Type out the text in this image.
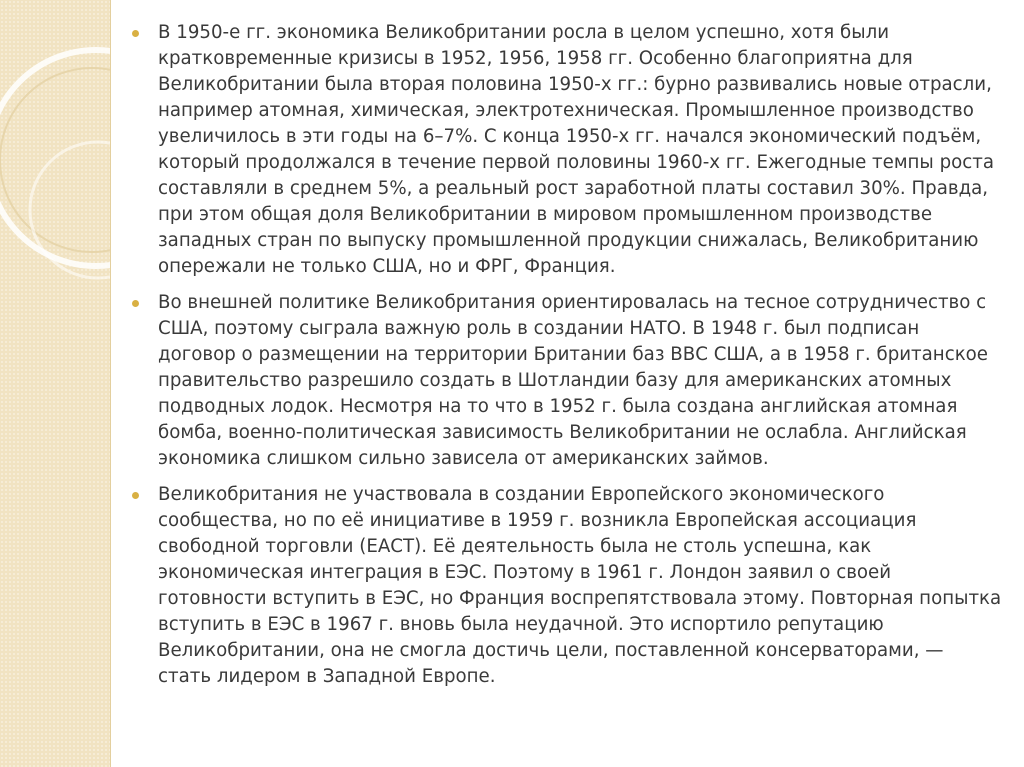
В 1950-е гг. экономика Великобритании росла в целом успешно, хотя были кратковременные кризисы в 1952, 1956, 1958 гг. Особенно благоприятна для Великобритании была вторая половина 1950-х гг.: бурно развивались новые отрасли, например атомная, химическая, электротехническая. Промышленное производство увеличилось в эти годы на 6–7%. С конца 1950-х гг. начался экономический подъём, который продолжался в течение первой половины 1960-х гг. Ежегодные темпы роста составляли в среднем 5%, а реальный рост заработной платы составил 30%. Правда, при этом общая доля Великобритании в мировом промышленном производстве западных стран по выпуску промышленной продукции снижалась, Великобританию опережали не только США, но и ФРГ, Франция.
Во внешней политике Великобритания ориентировалась на тесное сотрудничество с США, поэтому сыграла важную роль в создании НАТО. В 1948 г. был подписан договор о размещении на территории Британии баз ВВС США, а в 1958 г. британское правительство разрешило создать в Шотландии базу для американских атомных подводных лодок. Несмотря на то что в 1952 г. была создана английская атомная бомба, военно-политическая зависимость Великобритании не ослабла. Английская экономика слишком сильно зависела от американских займов.
Великобритания не участвовала в создании Европейского экономического сообщества, но по её инициативе в 1959 г. возникла Европейская ассоциация свободной торговли (ЕАСТ). Её деятельность была не столь успешна, как экономическая интеграция в ЕЭС. Поэтому в 1961 г. Лондон заявил о своей готовности вступить в ЕЭС, но Франция воспрепятствовала этому. Повторная попытка вступить в ЕЭС в 1967 г. вновь была неудачной. Это испортило репутацию Великобритании, она не смогла достичь цели, поставленной консерваторами, — стать лидером в Западной Европе.
